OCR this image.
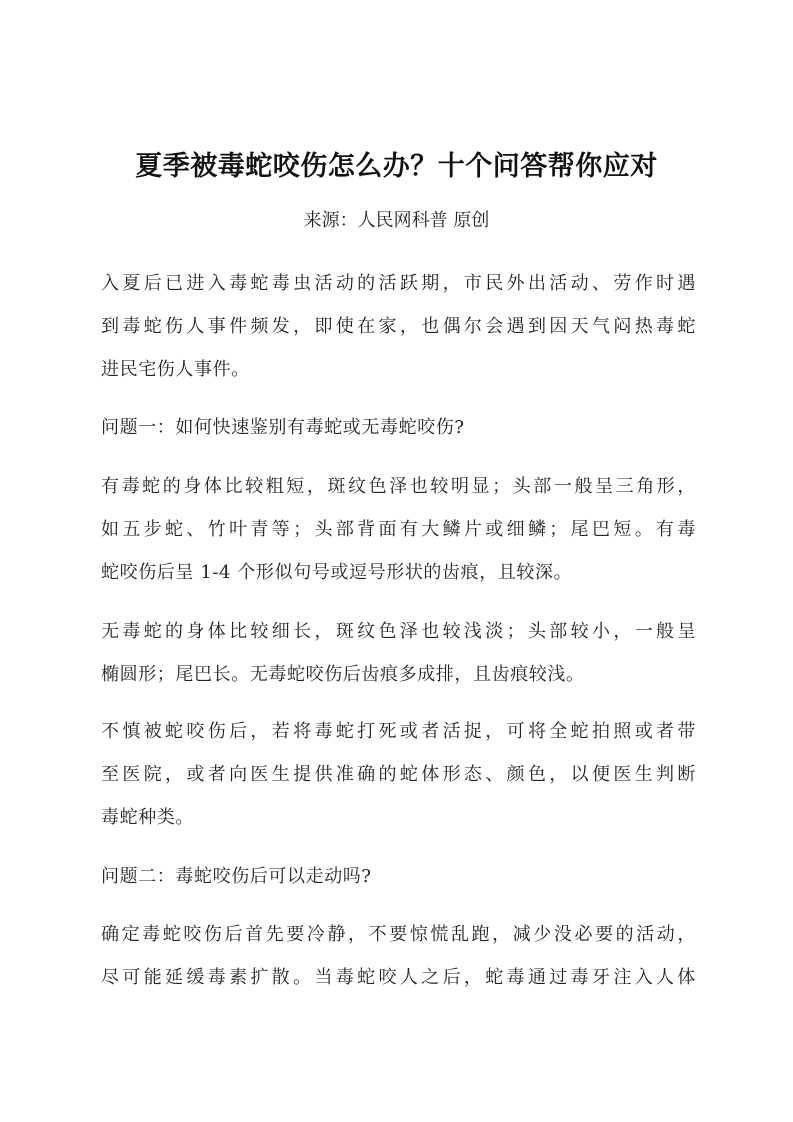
夏季被毒蛇咬伤怎么办？十个问答帮你应对
来源：人民网科普 原创
入夏后已进入毒蛇毒虫活动的活跃期，市民外出活动、劳作时遇
到毒蛇伤人事件频发，即使在家，也偶尔会遇到因天气闷热毒蛇
进民宅伤人事件。
问题一：如何快速鉴别有毒蛇或无毒蛇咬伤?
有毒蛇的身体比较粗短，斑纹色泽也较明显；头部一般呈三角形，
如五步蛇、竹叶青等；头部背面有大鳞片或细鳞；尾巴短。有毒
蛇咬伤后呈 1-4 个形似句号或逗号形状的齿痕，且较深。
无毒蛇的身体比较细长，斑纹色泽也较浅淡；头部较小，一般呈
椭圆形；尾巴长。无毒蛇咬伤后齿痕多成排，且齿痕较浅。
不慎被蛇咬伤后，若将毒蛇打死或者活捉，可将全蛇拍照或者带
至医院，或者向医生提供准确的蛇体形态、颜色，以便医生判断
毒蛇种类。
问题二：毒蛇咬伤后可以走动吗?
确定毒蛇咬伤后首先要冷静，不要惊慌乱跑，减少没必要的活动，
尽可能延缓毒素扩散。当毒蛇咬人之后，蛇毒通过毒牙注入人体
